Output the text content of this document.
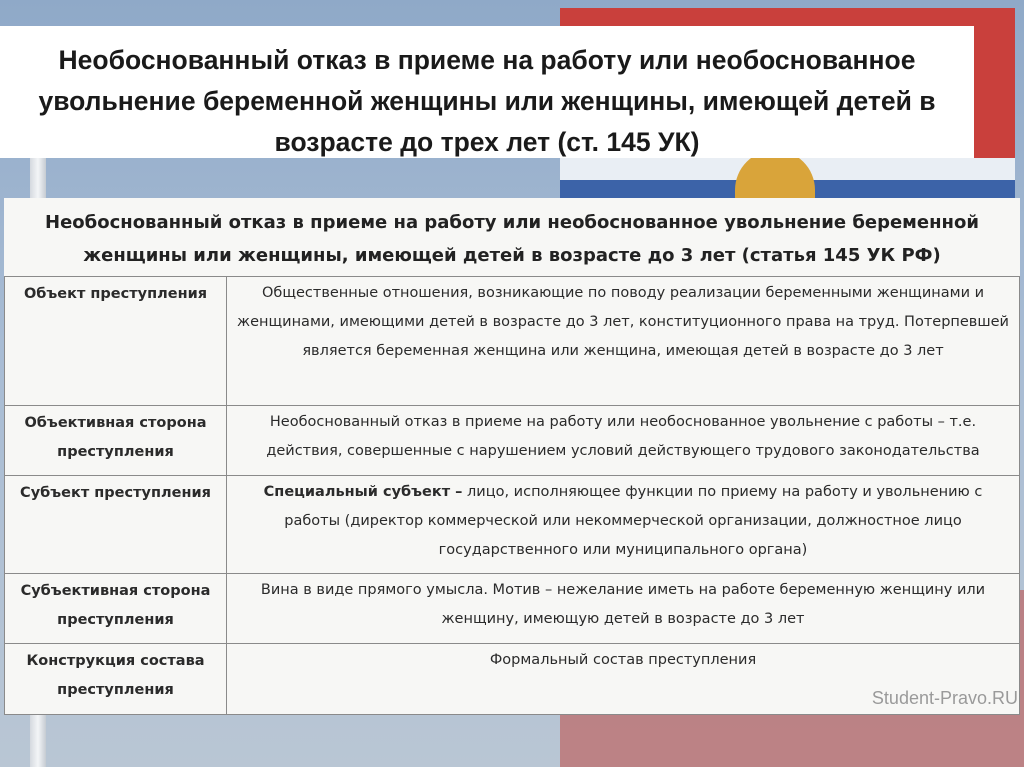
Необоснованный отказ в приеме на работу или необоснованное увольнение беременной женщины или женщины, имеющей детей в возрасте до трех лет (ст. 145 УК)
Необоснованный отказ в приеме на работу или необоснованное увольнение беременной женщины или женщины, имеющей детей в возрасте до 3 лет (статья 145 УК РФ)
Объект преступления	Общественные отношения, возникающие по поводу реализации беременными женщинами и женщинами, имеющими детей в возрасте до 3 лет, конституционного права на труд. Потерпевшей является беременная женщина или женщина, имеющая детей в возрасте до 3 лет
Объективная сторона преступления	Необоснованный отказ в приеме на работу или необоснованное увольнение с работы – т.е. действия, совершенные с нарушением условий действующего трудового законодательства
Субъект преступления	Специальный субъект – лицо, исполняющее функции по приему на работу и увольнению с работы (директор коммерческой или некоммерческой организации, должностное лицо государственного или муниципального органа)
Субъективная сторона преступления	Вина в виде прямого умысла. Мотив – нежелание иметь на работе беременную женщину или женщину, имеющую детей в возрасте до 3 лет
Конструкция состава преступления	Формальный состав преступления
Student-Pravo.RU
